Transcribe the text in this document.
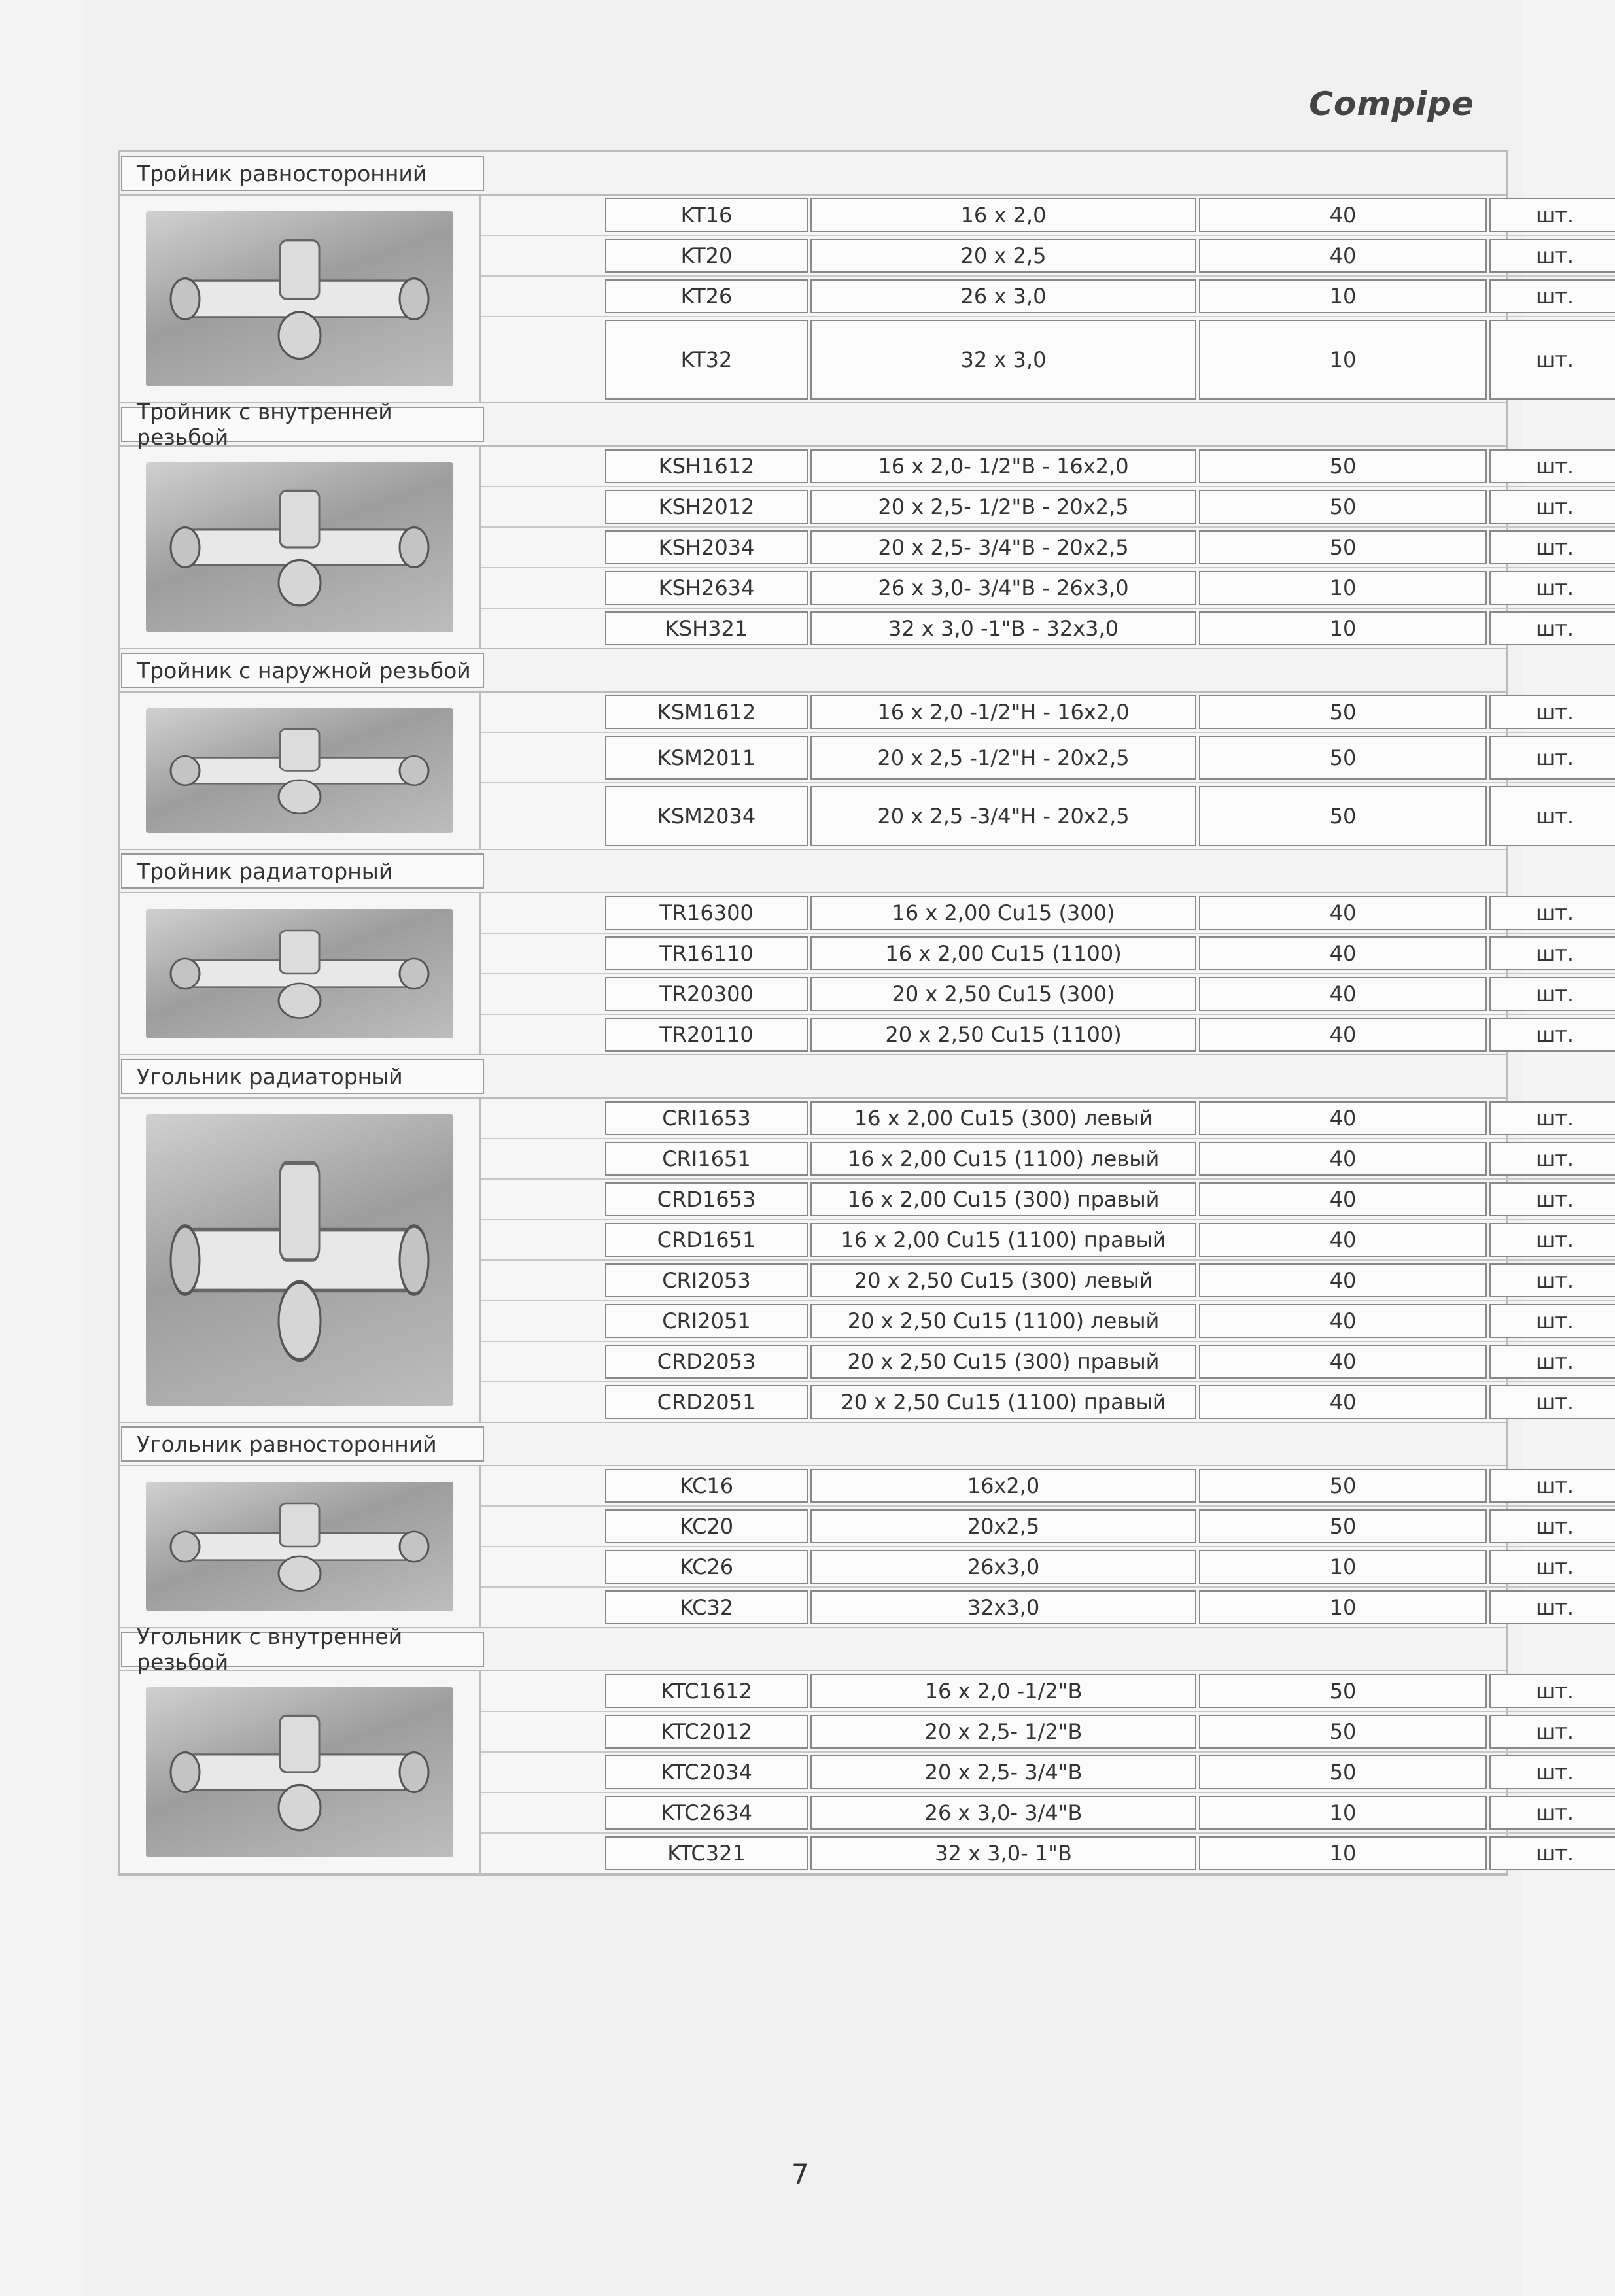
Compipe
Тройник равносторонний
KT16	16 x 2,0	40	шт.
KT20	20 x 2,5	40	шт.
KT26	26 x 3,0	10	шт.
KT32	32 x 3,0	10	шт.
Тройник с внутренней резьбой
KSH1612	16 x 2,0- 1/2"В - 16x2,0	50	шт.
KSH2012	20 x 2,5- 1/2"В - 20x2,5	50	шт.
KSH2034	20 x 2,5- 3/4"В - 20x2,5	50	шт.
KSH2634	26 x 3,0- 3/4"В - 26x3,0	10	шт.
KSH321	32 x 3,0 -1"В - 32x3,0	10	шт.
Тройник с наружной резьбой
KSM1612	16 x 2,0 -1/2"Н - 16x2,0	50	шт.
KSM2011	20 x 2,5 -1/2"Н - 20x2,5	50	шт.
KSM2034	20 x 2,5 -3/4"Н - 20x2,5	50	шт.
Тройник радиаторный
TR16300	16 x 2,00 Cu15 (300)	40	шт.
TR16110	16 x 2,00 Cu15 (1100)	40	шт.
TR20300	20 x 2,50 Cu15 (300)	40	шт.
TR20110	20 x 2,50 Cu15 (1100)	40	шт.
Угольник радиаторный
CRI1653	16 x 2,00 Cu15 (300) левый	40	шт.
CRI1651	16 x 2,00 Cu15 (1100) левый	40	шт.
CRD1653	16 x 2,00 Cu15 (300) правый	40	шт.
CRD1651	16 x 2,00 Cu15 (1100) правый	40	шт.
CRI2053	20 x 2,50 Cu15 (300) левый	40	шт.
CRI2051	20 x 2,50 Cu15 (1100) левый	40	шт.
CRD2053	20 x 2,50 Cu15 (300) правый	40	шт.
CRD2051	20 x 2,50 Cu15 (1100) правый	40	шт.
Угольник равносторонний
KC16	16x2,0	50	шт.
KC20	20x2,5	50	шт.
KC26	26x3,0	10	шт.
KC32	32x3,0	10	шт.
Угольник с внутренней резьбой
KTC1612	16 x 2,0 -1/2"В	50	шт.
KTC2012	20 x 2,5- 1/2"В	50	шт.
KTC2034	20 x 2,5- 3/4"В	50	шт.
KTC2634	26 x 3,0- 3/4"В	10	шт.
KTC321	32 x 3,0- 1"В	10	шт.
7
